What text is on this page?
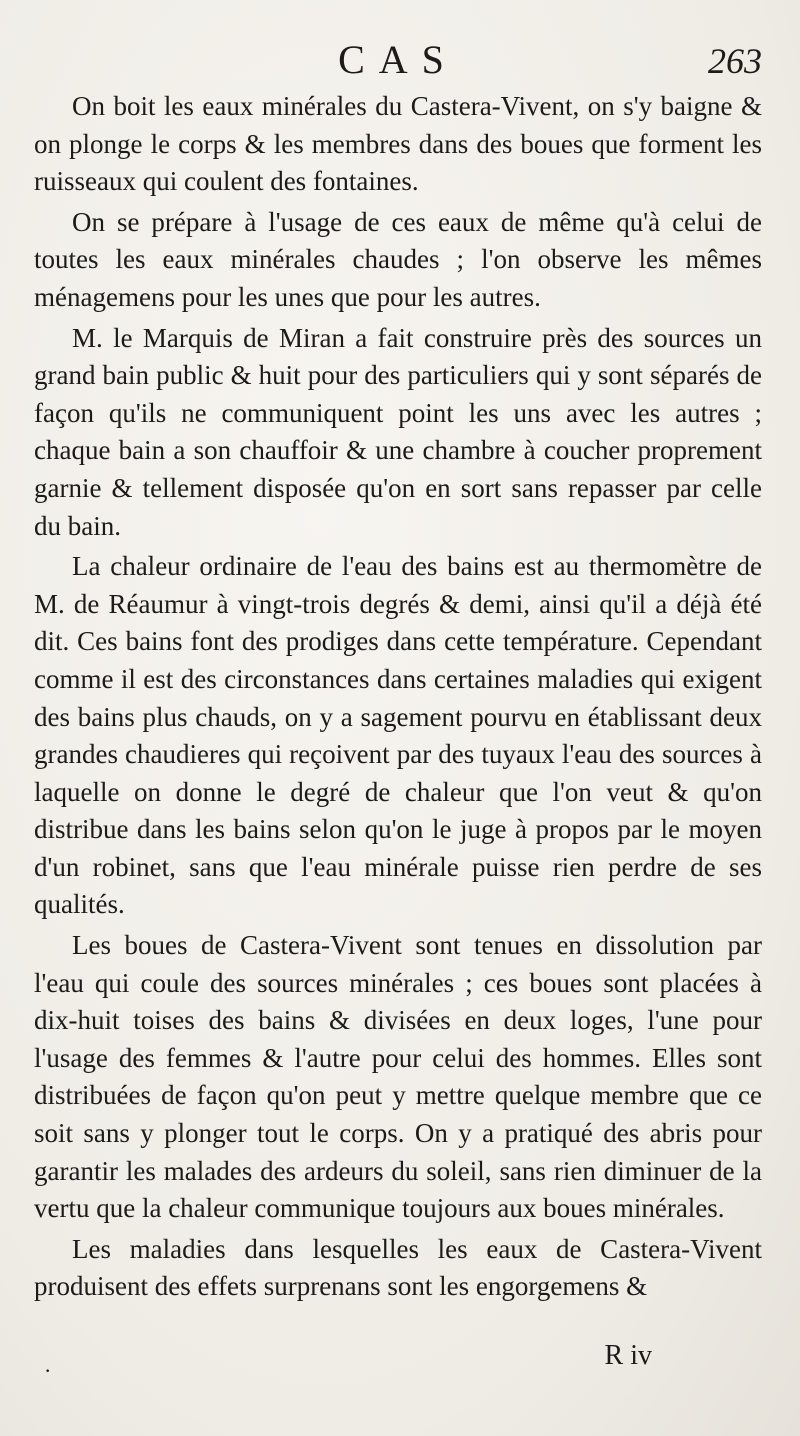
CAS	263

On boit les eaux minérales du Castera-Vivent, on s'y baigne & on plonge le corps & les membres dans des boues que forment les ruisseaux qui coulent des fontaines.

On se prépare à l'usage de ces eaux de même qu'à celui de toutes les eaux minérales chaudes ; l'on observe les mêmes ménagemens pour les unes que pour les autres.

M. le Marquis de Miran a fait construire près des sources un grand bain public & huit pour des particuliers qui y sont séparés de façon qu'ils ne communiquent point les uns avec les autres ; chaque bain a son chauffoir & une chambre à coucher proprement garnie & tellement disposée qu'on en sort sans repasser par celle du bain.

La chaleur ordinaire de l'eau des bains est au thermomètre de M. de Réaumur à vingt-trois degrés & demi, ainsi qu'il a déjà été dit. Ces bains font des prodiges dans cette température. Cependant comme il est des circonstances dans certaines maladies qui exigent des bains plus chauds, on y a sagement pourvu en établissant deux grandes chaudieres qui reçoivent par des tuyaux l'eau des sources à laquelle on donne le degré de chaleur que l'on veut & qu'on distribue dans les bains selon qu'on le juge à propos par le moyen d'un robinet, sans que l'eau minérale puisse rien perdre de ses qualités.

Les boues de Castera-Vivent sont tenues en dissolution par l'eau qui coule des sources minérales ; ces boues sont placées à dix-huit toises des bains & divisées en deux loges, l'une pour l'usage des femmes & l'autre pour celui des hommes. Elles sont distribuées de façon qu'on peut y mettre quelque membre que ce soit sans y plonger tout le corps. On y a pratiqué des abris pour garantir les malades des ardeurs du soleil, sans rien diminuer de la vertu que la chaleur communique toujours aux boues minérales.

Les maladies dans lesquelles les eaux de Castera-Vivent produisent des effets surprenans sont les engorgemens &

·	R iv
